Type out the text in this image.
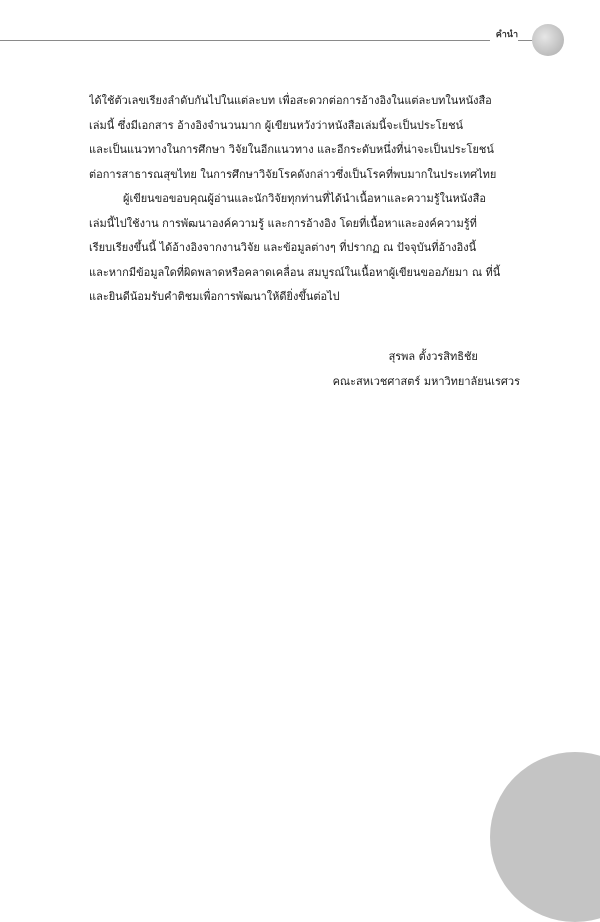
คำนำ
ได้ใช้ตัวเลขเรียงลำดับกันไปในแต่ละบท เพื่อสะดวกต่อการอ้างอิงในแต่ละบทในหนังสือ
เล่มนี้ ซึ่งมีเอกสาร อ้างอิงจำนวนมาก ผู้เขียนหวังว่าหนังสือเล่มนี้จะเป็นประโยชน์
และเป็นแนวทางในการศึกษา วิจัยในอีกแนวทาง และอีกระดับหนึ่งที่น่าจะเป็นประโยชน์
ต่อการสาธารณสุขไทย ในการศึกษาวิจัยโรคดังกล่าวซึ่งเป็นโรคที่พบมากในประเทศไทย
ผู้เขียนขอขอบคุณผู้อ่านและนักวิจัยทุกท่านที่ได้นำเนื้อหาและความรู้ในหนังสือ
เล่มนี้ไปใช้งาน การพัฒนาองค์ความรู้ และการอ้างอิง โดยที่เนื้อหาและองค์ความรู้ที่
เรียบเรียงขึ้นนี้ ได้อ้างอิงจากงานวิจัย และข้อมูลต่างๆ ที่ปรากฏ ณ ปัจจุบันที่อ้างอิงนี้
และหากมีข้อมูลใดที่ผิดพลาดหรือคลาดเคลื่อน สมบูรณ์ในเนื้อหาผู้เขียนขออภัยมา ณ ที่นี้
และยินดีน้อมรับคำติชมเพื่อการพัฒนาให้ดียิ่งขึ้นต่อไป
สุรพล ตั้งวรสิทธิชัย
คณะสหเวชศาสตร์ มหาวิทยาลัยนเรศวร
